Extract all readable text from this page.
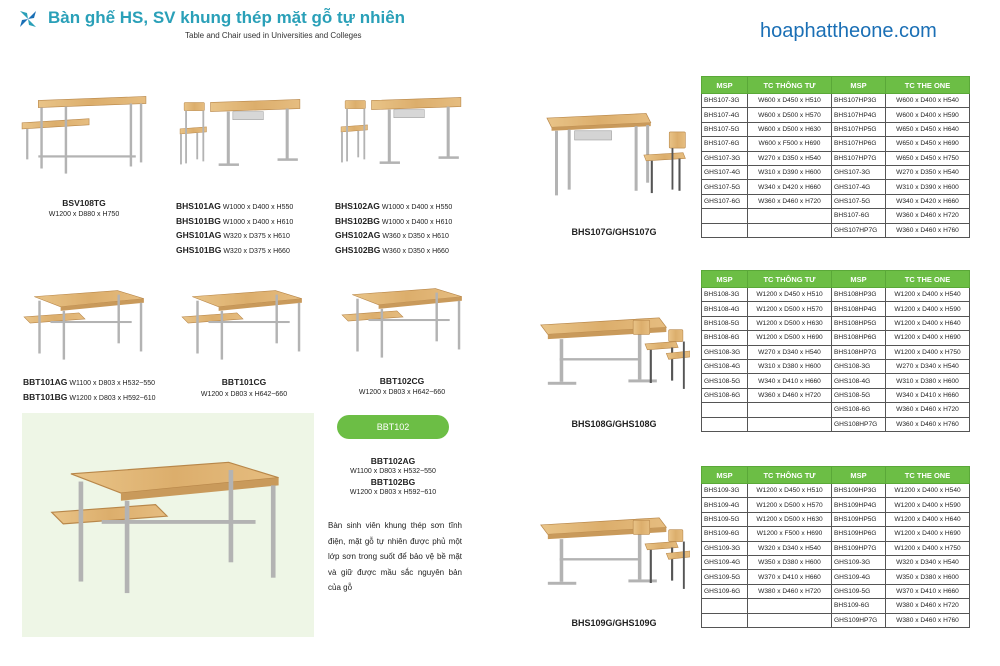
Bàn ghế HS, SV khung thép mặt gỗ tự nhiên
Table and Chair used in Universities and Colleges	hoaphattheone.com
BSV108TG
W1200 x D880 x H750
BHS101AG W1000 x D400 x H550
BHS101BG W1000 x D400 x H610
GHS101AG W320 x D375 x H610
GHS101BG W320 x D375 x H660
BHS102AG W1000 x D400 x H550
BHS102BG W1000 x D400 x H610
GHS102AG W360 x D350 x H610
GHS102BG W360 x D350 x H660
BBT101AG W1100 x D803 x H532~550
BBT101BG W1200 x D803 x H592~610
BBT101CG
W1200 x D803 x H642~660
BBT102CG
W1200 x D803 x H642~660
BBT102
BBT102AG
W1100 x D803 x H532~550
BBT102BG
W1200 x D803 x H592~610
Bàn sinh viên khung thép sơn tĩnh điện, mặt gỗ tự nhiên được phủ một lớp sơn trong suốt để bảo vệ bề mặt và giữ được mầu sắc nguyên bản của gỗ
BHS107G/GHS107G
MSP	TC THÔNG TƯ	MSP	TC THE ONE
BHS107-3G	W600 x D450 x H510	BHS107HP3G	W600 x D400 x H540
BHS107-4G	W600 x D500 x H570	BHS107HP4G	W600 x D400 x H590
BHS107-5G	W600 x D500 x H630	BHS107HP5G	W650 x D450 x H640
BHS107-6G	W600 x F500 x H690	BHS107HP6G	W650 x D450 x H690
GHS107-3G	W270 x D350 x H540	BHS107HP7G	W650 x D450 x H750
GHS107-4G	W310 x D390 x H600	GHS107-3G	W270 x D350 x H540
GHS107-5G	W340 x D420 x H660	GHS107-4G	W310 x D390 x H600
GHS107-6G	W360 x D460 x H720	GHS107-5G	W340 x D420 x H660
		BHS107-6G	W360 x D460 x H720
		GHS107HP7G	W360 x D460 x H760
BHS108G/GHS108G
MSP	TC THÔNG TƯ	MSP	TC THE ONE
BHS108-3G	W1200 x D450 x H510	BHS108HP3G	W1200 x D400 x H540
BHS108-4G	W1200 x D500 x H570	BHS108HP4G	W1200 x D400 x H590
BHS108-5G	W1200 x D500 x H630	BHS108HP5G	W1200 x D400 x H640
BHS108-6G	W1200 x D500 x H690	BHS108HP6G	W1200 x D400 x H690
GHS108-3G	W270 x D340 x H540	BHS108HP7G	W1200 x D400 x H750
GHS108-4G	W310 x D380 x H600	GHS108-3G	W270 x D340 x H540
GHS108-5G	W340 x D410 x H660	GHS108-4G	W310 x D380 x H600
GHS108-6G	W360 x D460 x H720	GHS108-5G	W340 x D410 x H660
		GHS108-6G	W360 x D460 x H720
		GHS108HP7G	W360 x D460 x H760
BHS109G/GHS109G
MSP	TC THÔNG TƯ	MSP	TC THE ONE
BHS109-3G	W1200 x D450 x H510	BHS109HP3G	W1200 x D400 x H540
BHS109-4G	W1200 x D500 x H570	BHS109HP4G	W1200 x D400 x H590
BHS109-5G	W1200 x D500 x H630	BHS109HP5G	W1200 x D400 x H640
BHS109-6G	W1200 x F500 x H690	BHS109HP6G	W1200 x D400 x H690
GHS109-3G	W320 x D340 x H540	BHS109HP7G	W1200 x D400 x H750
GHS109-4G	W350 x D380 x H600	GHS109-3G	W320 x D340 x H540
GHS109-5G	W370 x D410 x H660	GHS109-4G	W350 x D380 x H600
GHS109-6G	W380 x D460 x H720	GHS109-5G	W370 x D410 x H660
		BHS109-6G	W380 x D460 x H720
		GHS109HP7G	W380 x D460 x H760
